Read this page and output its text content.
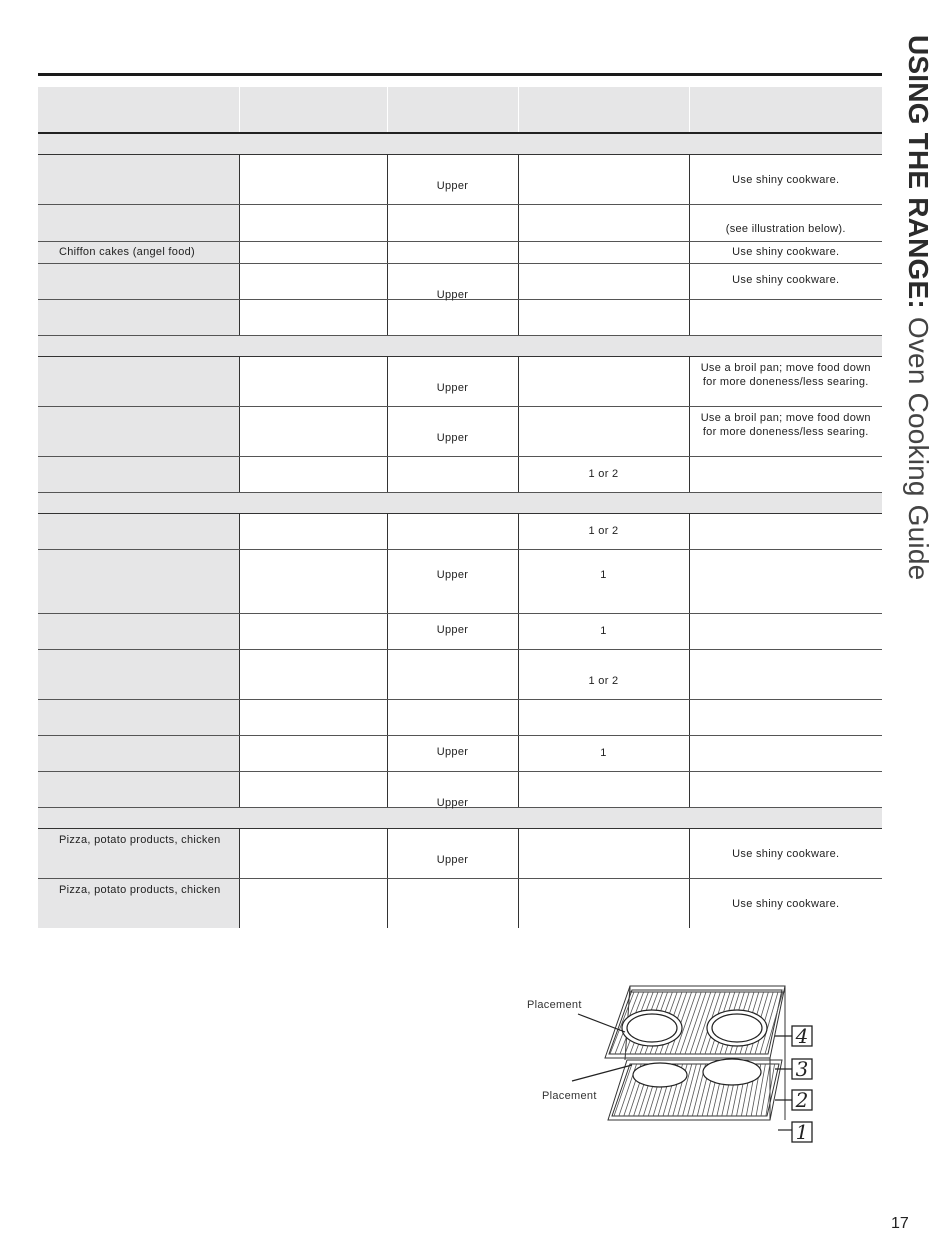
		Upper		Use shiny cookware.

				(see illustration below).

Chiffon cakes (angel food)				Use shiny cookware.

		Upper		Use shiny cookware.

		Upper		Use a broil pan; move food down
for more doneness/less searing.

		Upper		Use a broil pan; move food down
for more doneness/less searing.

			1 or 2	

			1 or 2	

		Upper	1	

		Upper	1	

			1 or 2	

		Upper	1	

		Upper		

Pizza, potato products, chicken		Upper		Use shiny cookware.

Pizza, potato products, chicken				Use shiny cookware.
USING THE RANGE: Oven Cooking Guide
4
3
2
1
Placement
Placement
17
